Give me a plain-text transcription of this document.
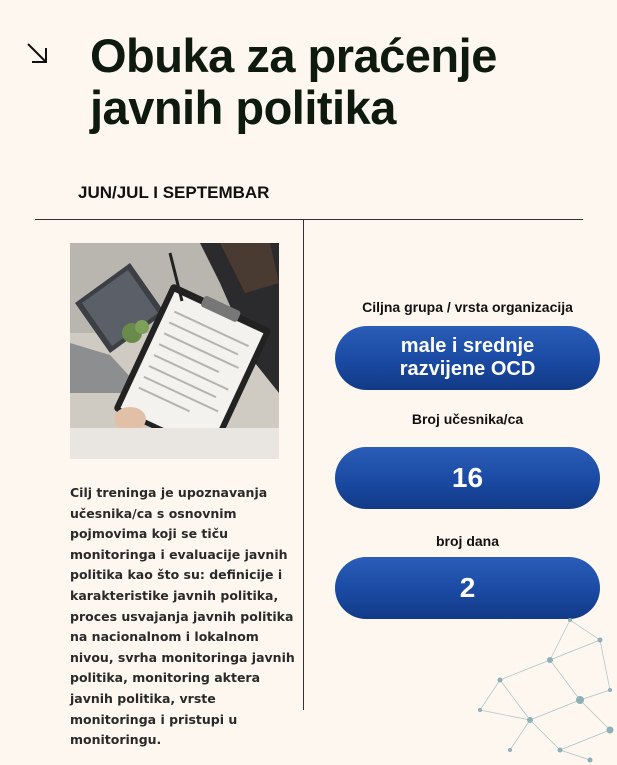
Obuka za praćenje
javnih politika
JUN/JUL I SEPTEMBAR
Cilj treninga je upoznavanja učesnika/ca s osnovnim pojmovima koji se tiču monitoringa i evaluacije javnih politika kao što su: definicije i karakteristike javnih politika, proces usvajanja javnih politika na nacionalnom i lokalnom nivou, svrha monitoringa javnih politika, monitoring aktera javnih politika, vrste monitoringa i pristupi u monitoringu.
Ciljna grupa / vrsta organizacija
male i srednje
razvijene OCD
Broj učesnika/ca
16
broj dana
2
